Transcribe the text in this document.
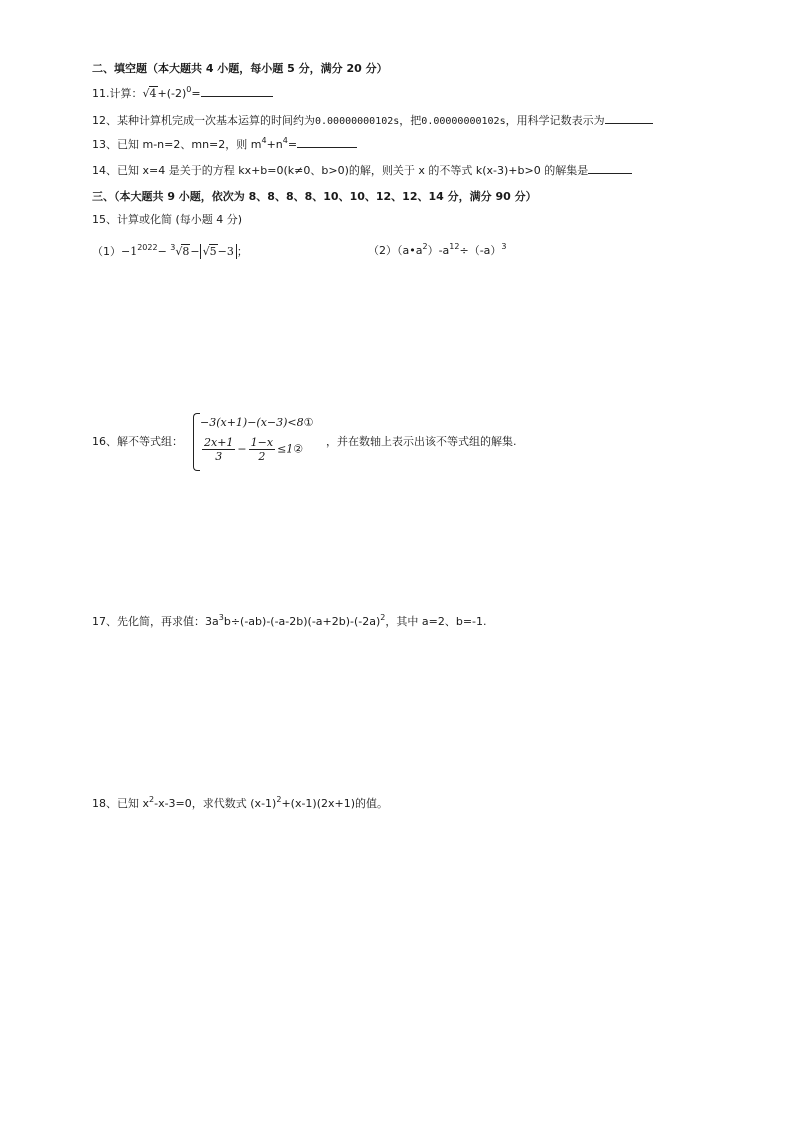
二、填空题（本大题共 4 小题，每小题 5 分，满分 20 分）
11.计算：$√4+(-2)^0=$
12、某种计算机完成一次基本运算的时间约为0.00000000102s，把0.00000000102s，用科学记数表示为
13、已知 m-n=2、mn=2，则 $m^4+n^4=$
14、已知 x=4 是关于的方程 kx+b=0(k≠0、b>0)的解，则关于 x 的不等式 k(x-3)+b>0 的解集是
三、（本大题共 9 小题，依次为 8、8、8、8、10、10、12、12、14 分，满分 90 分）
15、计算或化简 (每小题 4 分)
$(1)-1^{2022}- ^3√8- √5-3$ ；	$(2)(a•a^2)-a^{12}\div(-a)^3$
16、解不等式组：
−3(x+1)−(x−3)<8①
$\frac{2x+1}{3} - \frac{1-x}{2}$ ≤1②
，并在数轴上表示出该不等式组的解集.
17、先化简，再求值：$3a^3b\div(-ab)-(-a-2b)(-a+2b)-(-2a)^2$，其中 a=2、b=-1.
18、已知 $x^2-x-3=0$，求代数式 $(x-1)^2+(x-1)(2x+1)$的值。
